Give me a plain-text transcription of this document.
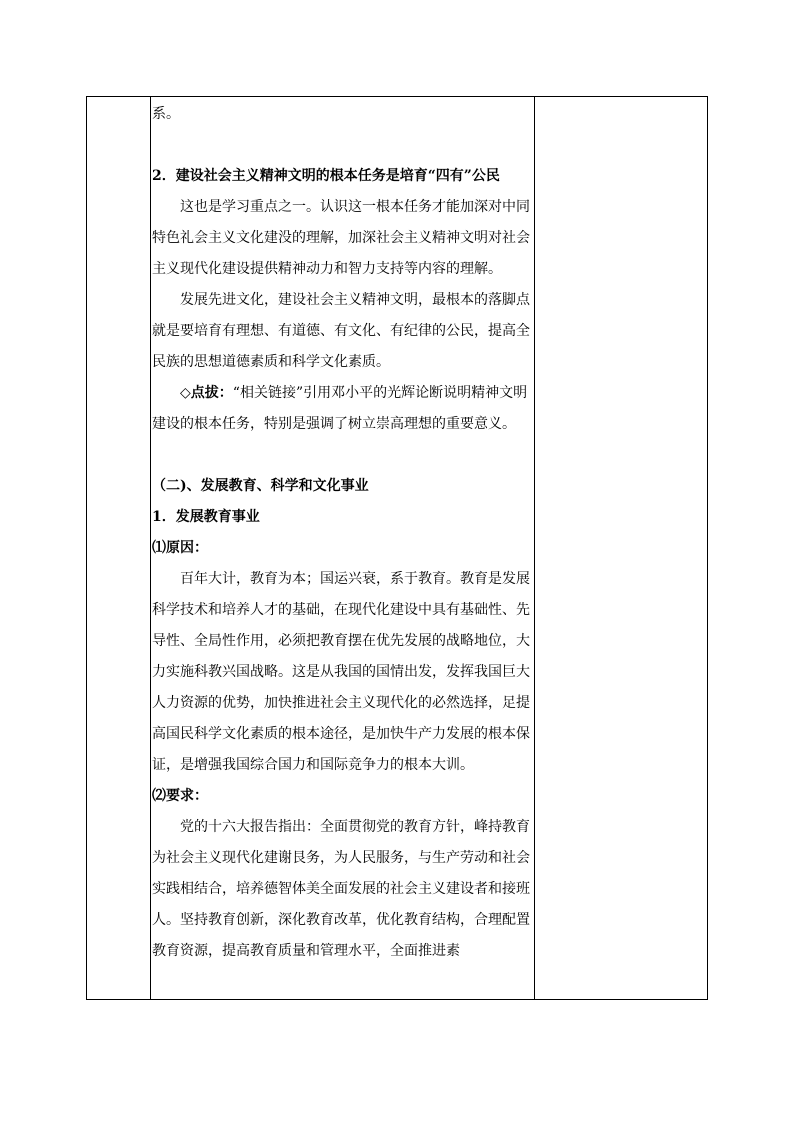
系。

2．建设社会主义精神文明的根本任务是培育“四有”公民

这也是学习重点之一。认识这一根本任务才能加深对中同特色礼会主义文化建没的理解，加深社会主义精神文明对社会主义现代化建设提供精神动力和智力支持等内容的理解。

发展先进文化，建设社会主义精神文明，最根本的落脚点就是要培育有理想、有道德、有文化、有纪律的公民，提高全民族的思想道德素质和科学文化素质。

◇点拔：“相关链接”引用邓小平的光辉论断说明精神文明建设的根本任务，特别是强调了树立崇高理想的重要意义。

（二)、发展教育、科学和文化事业

1．发展教育事业

⑴原因：

百年大计，教育为本；国运兴衰，系于教育。教育是发展科学技术和培养人才的基础，在现代化建设中具有基础性、先导性、全局性作用，必须把教育摆在优先发展的战略地位，大力实施科教兴国战略。这是从我国的国情出发，发挥我国巨大人力资源的优势，加快推进社会主义现代化的必然选择，足提高国民科学文化素质的根本途径，是加快牛产力发展的根本保证，是增强我国综合国力和国际竞争力的根本大训。

⑵要求：

党的十六大报告指出：全面贯彻党的教育方针，峰持教育为社会主义现代化建谢艮务，为人民服务，与生产劳动和社会实践相结合，培养德智体美全面发展的社会主义建设者和接班人。坚持教育创新，深化教育改革，优化教育结构，合理配置教育资源，提高教育质量和管理水平，全面推进素
